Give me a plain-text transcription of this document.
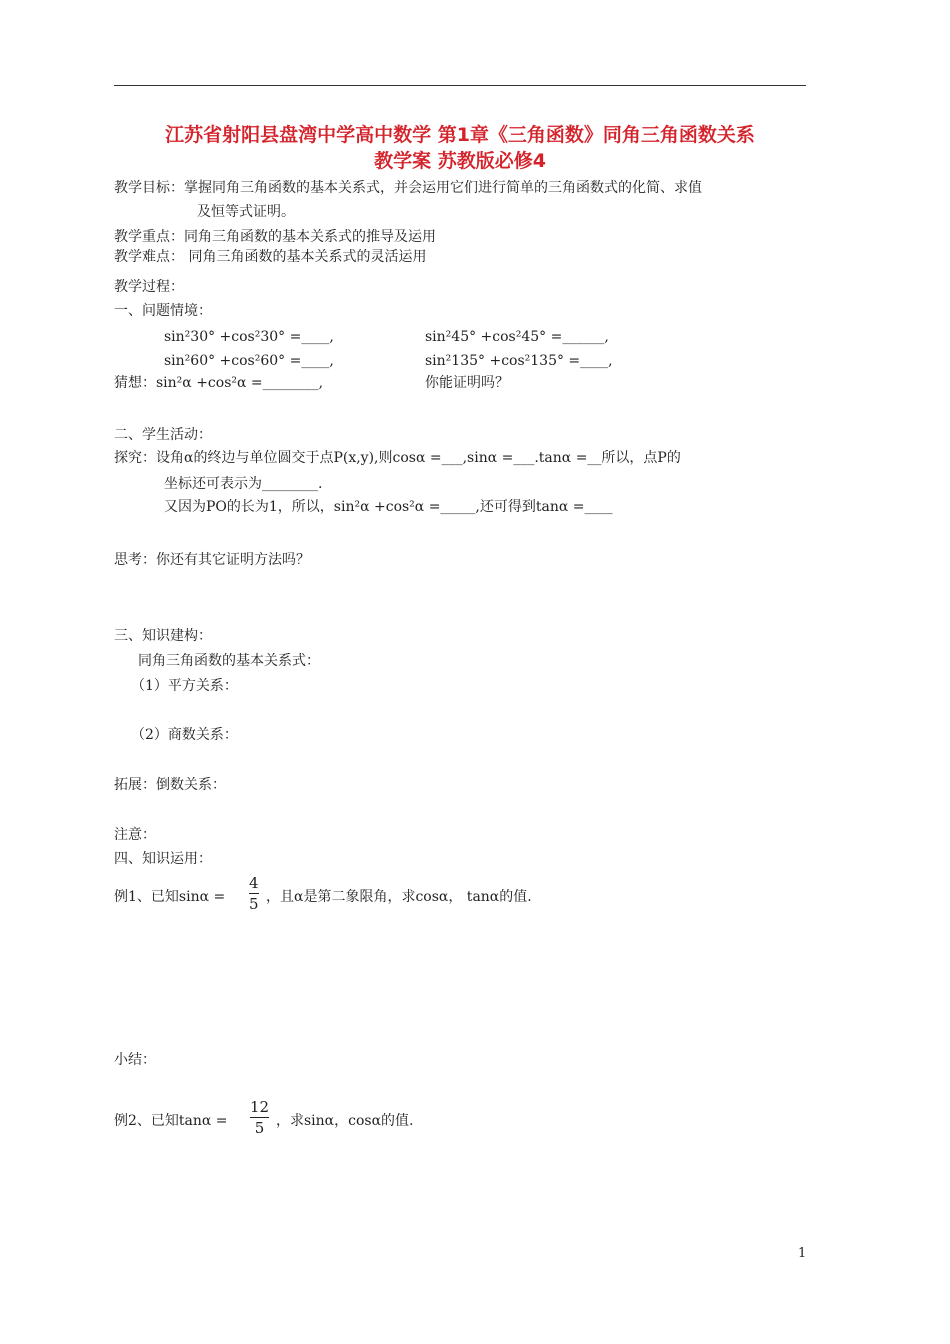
江苏省射阳县盘湾中学高中数学 第1章《三角函数》同角三角函数关系
教学案 苏教版必修4
教学目标：掌握同角三角函数的基本关系式，并会运用它们进行简单的三角函数式的化简、求值
及恒等式证明。
教学重点：同角三角函数的基本关系式的推导及运用
教学难点： 同角三角函数的基本关系式的灵活运用
教学过程：
一、问题情境：
sin²30° +cos²30° =____,	sin²45° +cos²45° =______,
sin²60° +cos²60° =____,	sin²135° +cos²135° =____,
猜想：sin²α +cos²α =________,	你能证明吗？
二、学生活动：
探究：设角α的终边与单位圆交于点P(x,y),则cosα =___,sinα =___.tanα =__所以，点P的
坐标还可表示为________.
又因为PO的长为1，所以，sin²α +cos²α =_____,还可得到tanα =____
思考：你还有其它证明方法吗？
三、知识建构：
同角三角函数的基本关系式：
（1）平方关系：
（2）商数关系：
拓展：倒数关系：
注意：
四、知识运用：
例1、已知sinα =
4
5 ，且α是第二象限角，求cosα， tanα的值.
小结：
例2、已知tanα =
12
5 ，求sinα，cosα的值.
1
